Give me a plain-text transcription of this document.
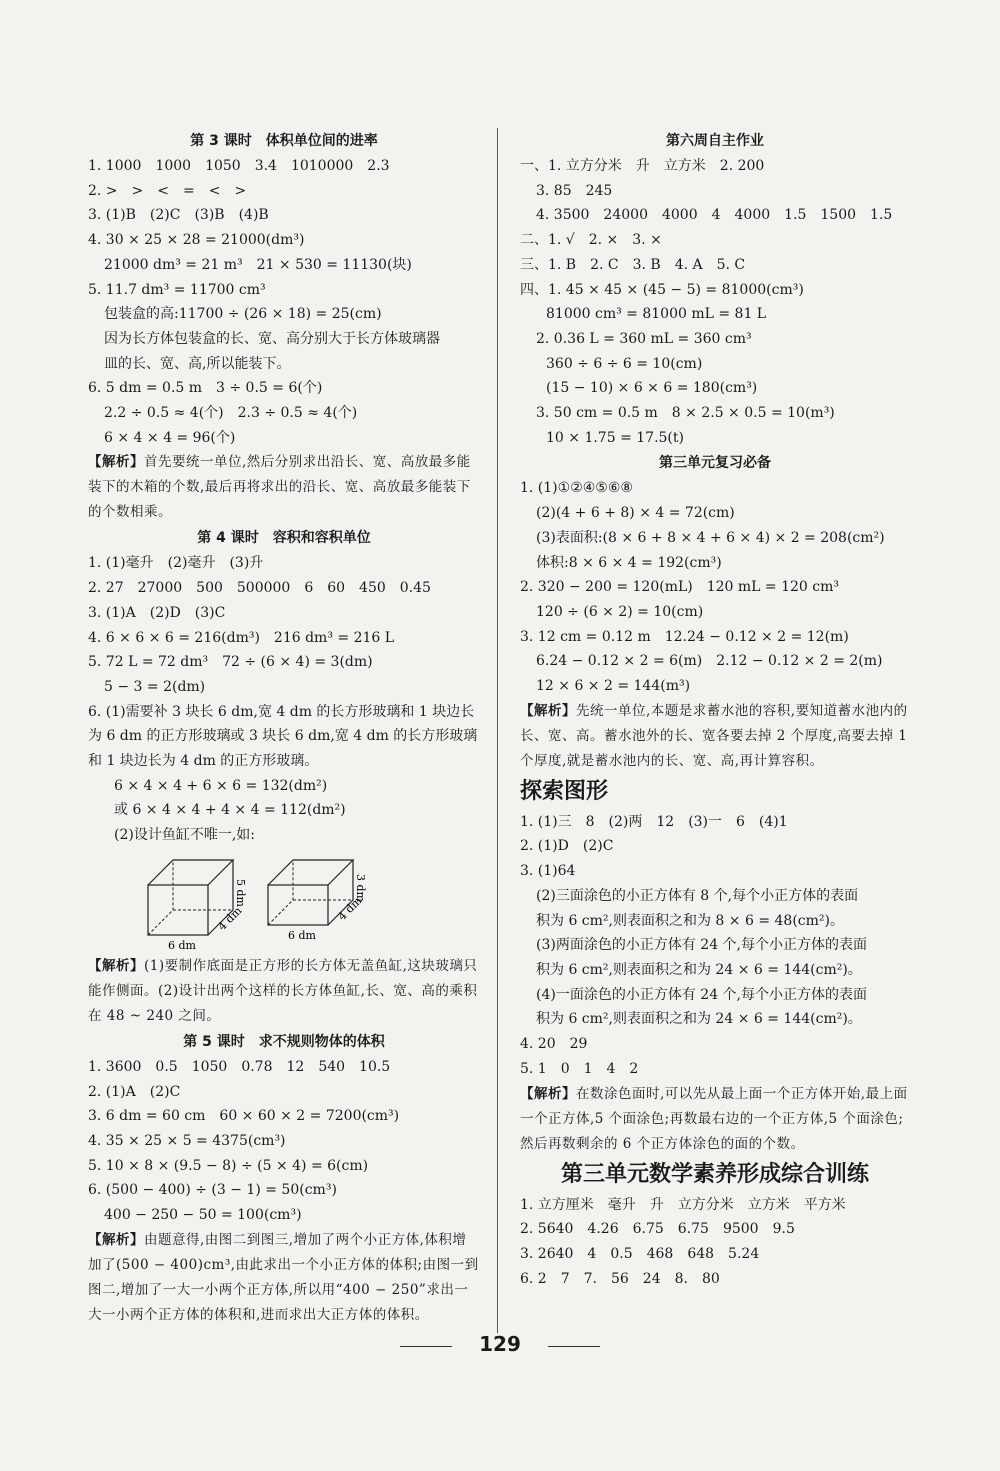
第 3 课时　体积单位间的进率
1. 1000　1000　1050　3.4　1010000　2.3
2. >　>　<　=　<　>
3. (1)B　(2)C　(3)B　(4)B
4. 30 × 25 × 28 = 21000(dm³)
21000 dm³ = 21 m³　21 × 530 = 11130(块)
5. 11.7 dm³ = 11700 cm³
包装盒的高:11700 ÷ (26 × 18) = 25(cm)
因为长方体包装盒的长、宽、高分别大于长方体玻璃器
皿的长、宽、高,所以能装下。
6. 5 dm = 0.5 m　3 ÷ 0.5 = 6(个)
2.2 ÷ 0.5 ≈ 4(个)　2.3 ÷ 0.5 ≈ 4(个)
6 × 4 × 4 = 96(个)
【解析】首先要统一单位,然后分别求出沿长、宽、高放最多能装下的木箱的个数,最后再将求出的沿长、宽、高放最多能装下的个数相乘。
第 4 课时　容积和容积单位
1. (1)毫升　(2)毫升　(3)升
2. 27　27000　500　500000　6　60　450　0.45
3. (1)A　(2)D　(3)C
4. 6 × 6 × 6 = 216(dm³)　216 dm³ = 216 L
5. 72 L = 72 dm³　72 ÷ (6 × 4) = 3(dm)
5 − 3 = 2(dm)
6. (1)需要补 3 块长 6 dm,宽 4 dm 的长方形玻璃和 1 块边长为 6 dm 的正方形玻璃或 3 块长 6 dm,宽 4 dm 的长方形玻璃和 1 块边长为 4 dm 的正方形玻璃。
6 × 4 × 4 + 6 × 6 = 132(dm²)
或 6 × 4 × 4 + 4 × 4 = 112(dm²)
(2)设计鱼缸不唯一,如:
6 dm
4 dm
5 dm
6 dm
4 dm
3 dm
【解析】(1)要制作底面是正方形的长方体无盖鱼缸,这块玻璃只能作侧面。(2)设计出两个这样的长方体鱼缸,长、宽、高的乘积在 48 ~ 240 之间。
第 5 课时　求不规则物体的体积
1. 3600　0.5　1050　0.78　12　540　10.5
2. (1)A　(2)C
3. 6 dm = 60 cm　60 × 60 × 2 = 7200(cm³)
4. 35 × 25 × 5 = 4375(cm³)
5. 10 × 8 × (9.5 − 8) ÷ (5 × 4) = 6(cm)
6. (500 − 400) ÷ (3 − 1) = 50(cm³)
400 − 250 − 50 = 100(cm³)
【解析】由题意得,由图二到图三,增加了两个小正方体,体积增加了(500 − 400)cm³,由此求出一个小正方体的体积;由图一到图二,增加了一大一小两个正方体,所以用“400 − 250”求出一大一小两个正方体的体积和,进而求出大正方体的体积。
第六周自主作业
一、1. 立方分米　升　立方米　2. 200
3. 85　245
4. 3500　24000　4000　4　4000　1.5　1500　1.5
二、1. √　2. ×　3. ×
三、1. B　2. C　3. B　4. A　5. C
四、1. 45 × 45 × (45 − 5) = 81000(cm³)
81000 cm³ = 81000 mL = 81 L
2. 0.36 L = 360 mL = 360 cm³
360 ÷ 6 ÷ 6 = 10(cm)
(15 − 10) × 6 × 6 = 180(cm³)
3. 50 cm = 0.5 m　8 × 2.5 × 0.5 = 10(m³)
10 × 1.75 = 17.5(t)
第三单元复习必备
1. (1)①②④⑤⑥⑧
(2)(4 + 6 + 8) × 4 = 72(cm)
(3)表面积:(8 × 6 + 8 × 4 + 6 × 4) × 2 = 208(cm²)
体积:8 × 6 × 4 = 192(cm³)
2. 320 − 200 = 120(mL)　120 mL = 120 cm³
120 ÷ (6 × 2) = 10(cm)
3. 12 cm = 0.12 m　12.24 − 0.12 × 2 = 12(m)
6.24 − 0.12 × 2 = 6(m)　2.12 − 0.12 × 2 = 2(m)
12 × 6 × 2 = 144(m³)
【解析】先统一单位,本题是求蓄水池的容积,要知道蓄水池内的长、宽、高。蓄水池外的长、宽各要去掉 2 个厚度,高要去掉 1 个厚度,就是蓄水池内的长、宽、高,再计算容积。
探索图形
1. (1)三　8　(2)两　12　(3)一　6　(4)1
2. (1)D　(2)C
3. (1)64
(2)三面涂色的小正方体有 8 个,每个小正方体的表面
积为 6 cm²,则表面积之和为 8 × 6 = 48(cm²)。
(3)两面涂色的小正方体有 24 个,每个小正方体的表面
积为 6 cm²,则表面积之和为 24 × 6 = 144(cm²)。
(4)一面涂色的小正方体有 24 个,每个小正方体的表面
积为 6 cm²,则表面积之和为 24 × 6 = 144(cm²)。
4. 20　29
5. 1　0　1　4　2
【解析】在数涂色面时,可以先从最上面一个正方体开始,最上面一个正方体,5 个面涂色;再数最右边的一个正方体,5 个面涂色;然后再数剩余的 6 个正方体涂色的面的个数。
第三单元数学素养形成综合训练
1. 立方厘米　毫升　升　立方分米　立方米　平方米
2. 5640　4.26　6.75　6.75　9500　9.5
3. 2640　4　0.5　468　648　5.24
6. 2　7　7.　56　24　8.　80
129
